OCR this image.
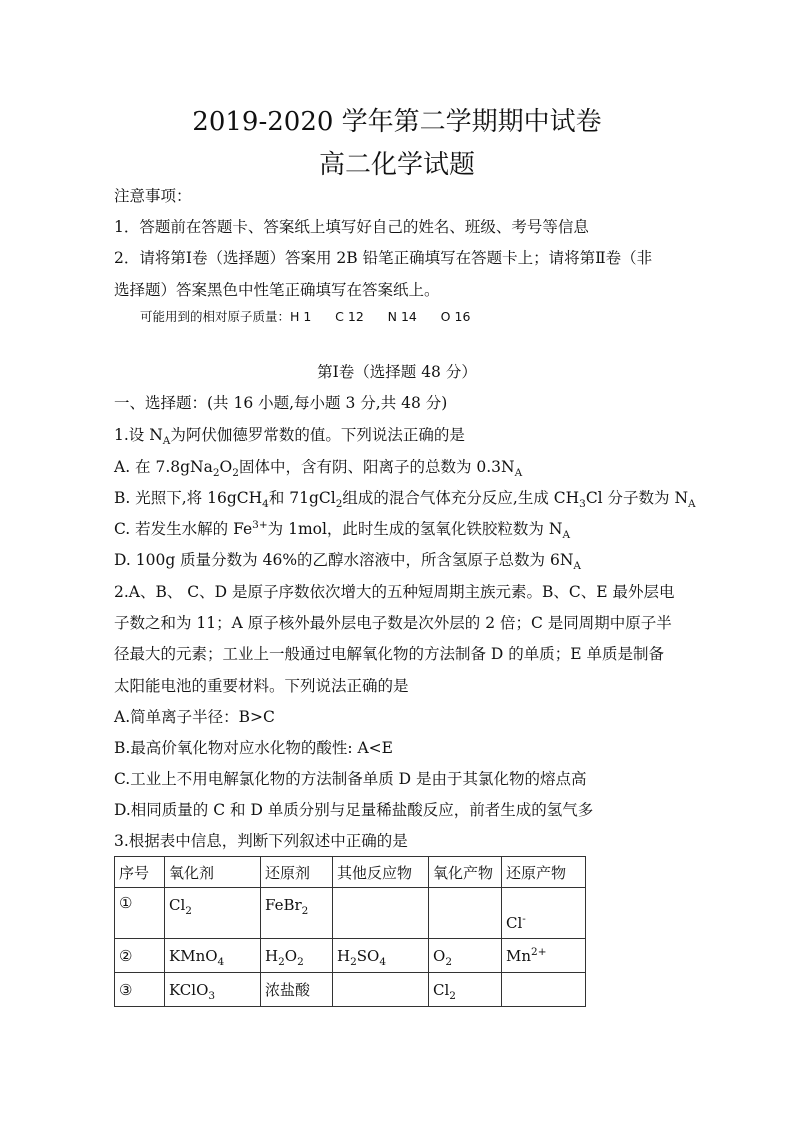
2019-2020 学年第二学期期中试卷
高二化学试题
注意事项：
1．答题前在答题卡、答案纸上填写好自己的姓名、班级、考号等信息
2．请将第Ⅰ卷（选择题）答案用 2B 铅笔正确填写在答题卡上；请将第Ⅱ卷（非
选择题）答案黑色中性笔正确填写在答案纸上。
可能用到的相对原子质量：H 1      C 12      N 14      O 16
第Ⅰ卷（选择题 48 分）
一、选择题：(共 16 小题,每小题 3 分,共 48 分)
1.设 $N_A$为阿伏伽德罗常数的值。下列说法正确的是
A. 在 $7.8gNa_2O_2$固体中，含有阴、阳离子的总数为 $0.3N_A$
B. 光照下,将 16gCH$_4$和 71gCl$_2$组成的混合气体充分反应,生成 $CH_3Cl$ 分子数为 $N_A$
C. 若发生水解的 $Fe^{3+}$为 1mol，此时生成的氢氧化铁胶粒数为 $N_A$
D. 100g 质量分数为 46%的乙醇水溶液中，所含氢原子总数为 $6N_A$
2.A、B、 C、D 是原子序数依次增大的五种短周期主族元素。B、C、E 最外层电
子数之和为 11；A 原子核外最外层电子数是次外层的 2 倍；C 是同周期中原子半
径最大的元素；工业上一般通过电解氧化物的方法制备 D 的单质；E 单质是制备
太阳能电池的重要材料。下列说法正确的是
A.简单离子半径：B>C
B.最高价氧化物对应水化物的酸性: A<E
C.工业上不用电解氯化物的方法制备单质 D 是由于其氯化物的熔点高
D.相同质量的 C 和 D 单质分别与足量稀盐酸反应，前者生成的氢气多
3.根据表中信息，判断下列叙述中正确的是
序号	氧化剂	还原剂	其他反应物	氧化产物	还原产物
①	$Cl_2$	FeBr$_2$			Cl-
②	KMnO$_4$	$H_2O_2$	$H_2SO_4$	$O_2$	$Mn^{2+}$
③	KClO$_3$	浓盐酸		$Cl_2$	
